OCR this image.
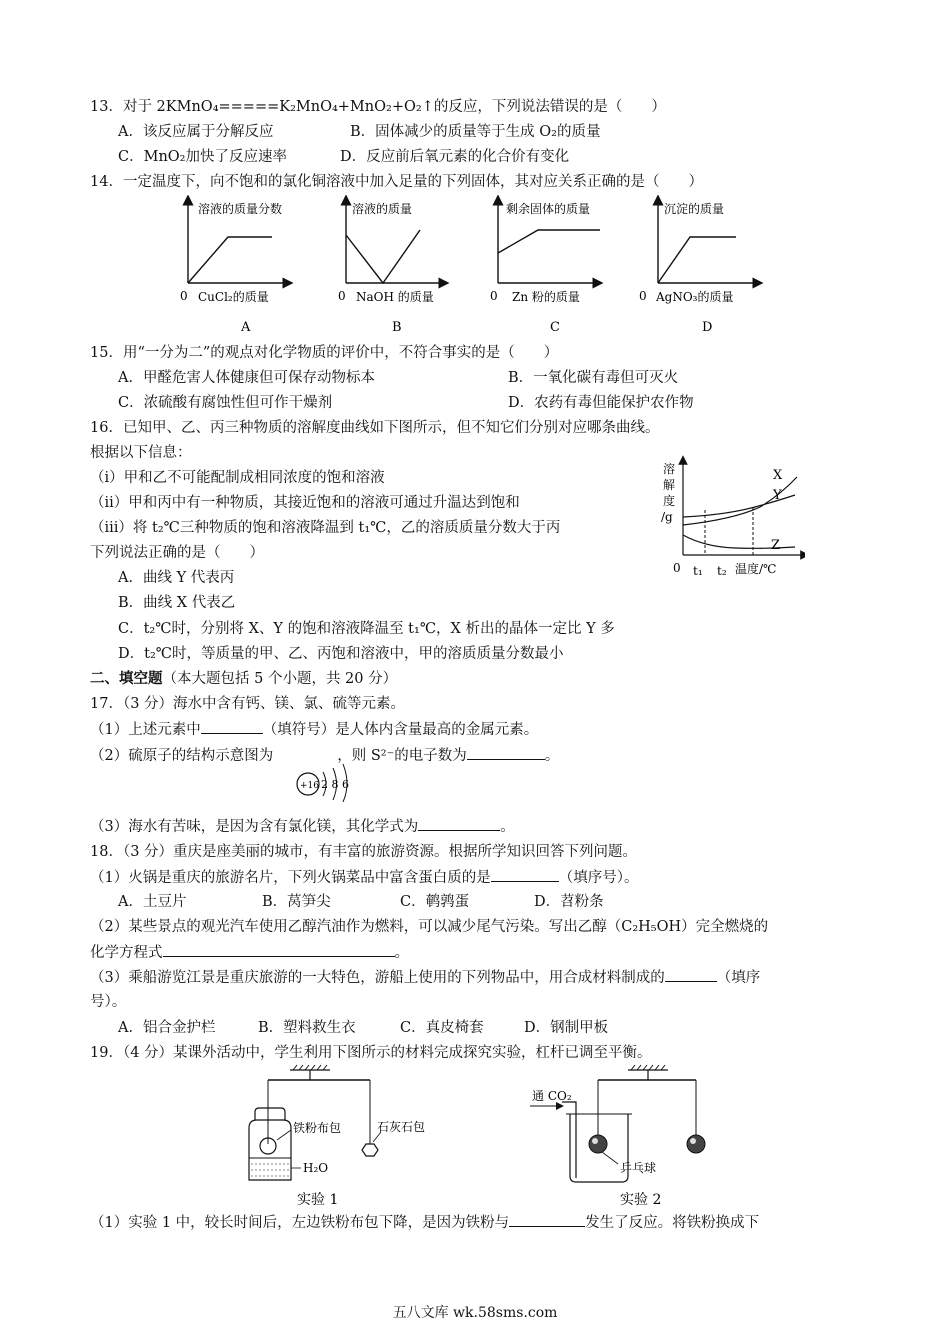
13．对于 2KMnO₄=====K₂MnO₄+MnO₂+O₂↑的反应，下列说法错误的是（　　）
A．该反应属于分解反应	B．固体减少的质量等于生成 O₂的质量
C．MnO₂加快了反应速率	D．反应前后氧元素的化合价有变化
14．一定温度下，向不饱和的氯化铜溶液中加入足量的下列固体，其对应关系正确的是（　　）
溶液的质量分数
0 CuCl₂的质量
A
溶液的质量
0 NaOH 的质量
B
剩余固体的质量
0 Zn 粉的质量
C
沉淀的质量
0 AgNO₃的质量
D
15．用“一分为二”的观点对化学物质的评价中，不符合事实的是（　　）
A．甲醛危害人体健康但可保存动物标本	B．一氧化碳有毒但可灭火
C．浓硫酸有腐蚀性但可作干燥剂	D．农药有毒但能保护农作物
16．已知甲、乙、丙三种物质的溶解度曲线如下图所示，但不知它们分别对应哪条曲线。
根据以下信息：
（ⅰ）甲和乙不可能配制成相同浓度的饱和溶液
（ⅱ）甲和丙中有一种物质，其接近饱和的溶液可通过升温达到饱和
（ⅲ）将 t₂℃三种物质的饱和溶液降温到 t₁℃，乙的溶质质量分数大于丙
下列说法正确的是（　　）
A．曲线 Y 代表丙
B．曲线 X 代表乙
C．t₂℃时，分别将 X、Y 的饱和溶液降温至 t₁℃，X 析出的晶体一定比 Y 多
D．t₂℃时，等质量的甲、乙、丙饱和溶液中，甲的溶质质量分数最小
溶
解
度
/g
X
Y
Z
0 t₁ t₂ 温度/℃
二、填空题（本大题包括 5 个小题，共 20 分）
17．（3 分）海水中含有钙、镁、氯、硫等元素。
（1）上述元素中	（填符号）是人体内含量最高的金属元素。
（2）硫原子的结构示意图为	，则 S²⁻的电子数为	。
+16 2 8 6
（3）海水有苦味，是因为含有氯化镁，其化学式为	。
18．（3 分）重庆是座美丽的城市，有丰富的旅游资源。根据所学知识回答下列问题。
（1）火锅是重庆的旅游名片，下列火锅菜品中富含蛋白质的是	（填序号）。
A．土豆片	B．莴笋尖	C．鹌鹑蛋	D．苕粉条
（2）某些景点的观光汽车使用乙醇汽油作为燃料，可以减少尾气污染。写出乙醇（C₂H₅OH）完全燃烧的
化学方程式	。
（3）乘船游览江景是重庆旅游的一大特色，游船上使用的下列物品中，用合成材料制成的	（填序
号）。
A．铝合金护栏	B．塑料救生衣	C．真皮椅套	D．钢制甲板
19．（4 分）某课外活动中，学生利用下图所示的材料完成探究实验，杠杆已调至平衡。
铁粉布包	石灰石包
H₂O
实验 1
通 CO₂
乒乓球
实验 2
（1）实验 1 中，较长时间后，左边铁粉布包下降，是因为铁粉与	发生了反应。将铁粉换成下
五八文库 wk.58sms.com
